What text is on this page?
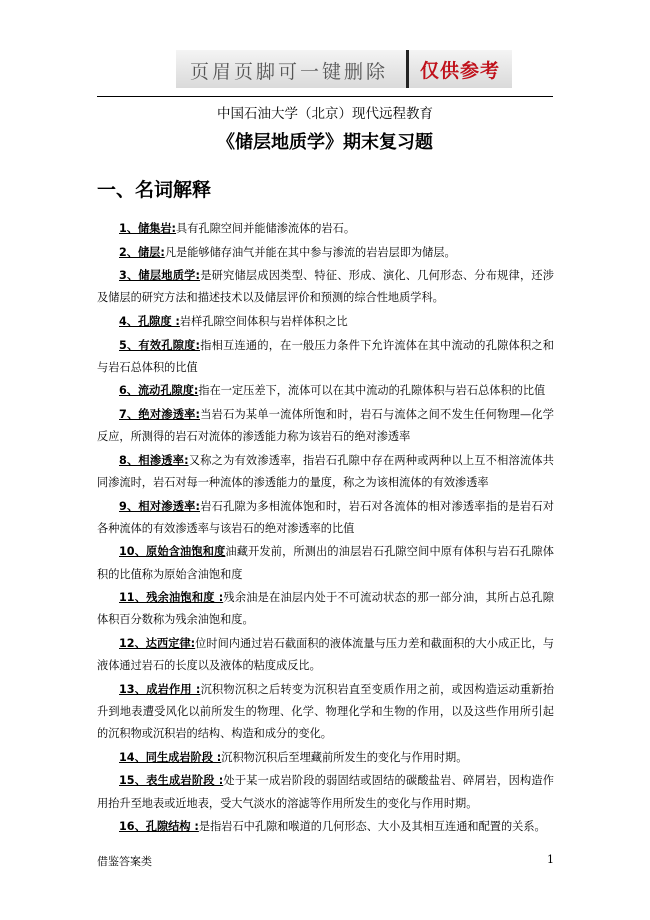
页眉页脚可一键删除 仅供参考
中国石油大学（北京）现代远程教育
《储层地质学》期末复习题
一、名词解释

1、储集岩:具有孔隙空间并能储渗流体的岩石。

2、储层:凡是能够储存油气并能在其中参与渗流的岩岩层即为储层。

3、储层地质学:是研究储层成因类型、特征、形成、演化、几何形态、分布规律，还涉及储层的研究方法和描述技术以及储层评价和预测的综合性地质学科。

4、孔隙度 :岩样孔隙空间体积与岩样体积之比

5、有效孔隙度:指相互连通的，在一般压力条件下允许流体在其中流动的孔隙体积之和与岩石总体积的比值

6、流动孔隙度:指在一定压差下，流体可以在其中流动的孔隙体积与岩石总体积的比值

7、绝对渗透率:当岩石为某单一流体所饱和时，岩石与流体之间不发生任何物理—化学反应，所测得的岩石对流体的渗透能力称为该岩石的绝对渗透率

8、相渗透率:又称之为有效渗透率，指岩石孔隙中存在两种或两种以上互不相溶流体共同渗流时，岩石对每一种流体的渗透能力的量度，称之为该相流体的有效渗透率

9、相对渗透率:岩石孔隙为多相流体饱和时，岩石对各流体的相对渗透率指的是岩石对各种流体的有效渗透率与该岩石的绝对渗透率的比值

10、原始含油饱和度油藏开发前，所测出的油层岩石孔隙空间中原有体积与岩石孔隙体积的比值称为原始含油饱和度

11、残余油饱和度 :残余油是在油层内处于不可流动状态的那一部分油，其所占总孔隙体积百分数称为残余油饱和度。

12、达西定律:位时间内通过岩石截面积的液体流量与压力差和截面积的大小成正比，与液体通过岩石的长度以及液体的粘度成反比。

13、成岩作用 :沉积物沉积之后转变为沉积岩直至变质作用之前，或因构造运动重新抬升到地表遭受风化以前所发生的物理、化学、物理化学和生物的作用，以及这些作用所引起的沉积物或沉积岩的结构、构造和成分的变化。

14、同生成岩阶段 :沉积物沉积后至埋藏前所发生的变化与作用时期。

15、表生成岩阶段 :处于某一成岩阶段的弱固结或固结的碳酸盐岩、碎屑岩，因构造作用抬升至地表或近地表，受大气淡水的溶滤等作用所发生的变化与作用时期。

16、孔隙结构 :是指岩石中孔隙和喉道的几何形态、大小及其相互连通和配置的关系。

借鉴答案类	1
